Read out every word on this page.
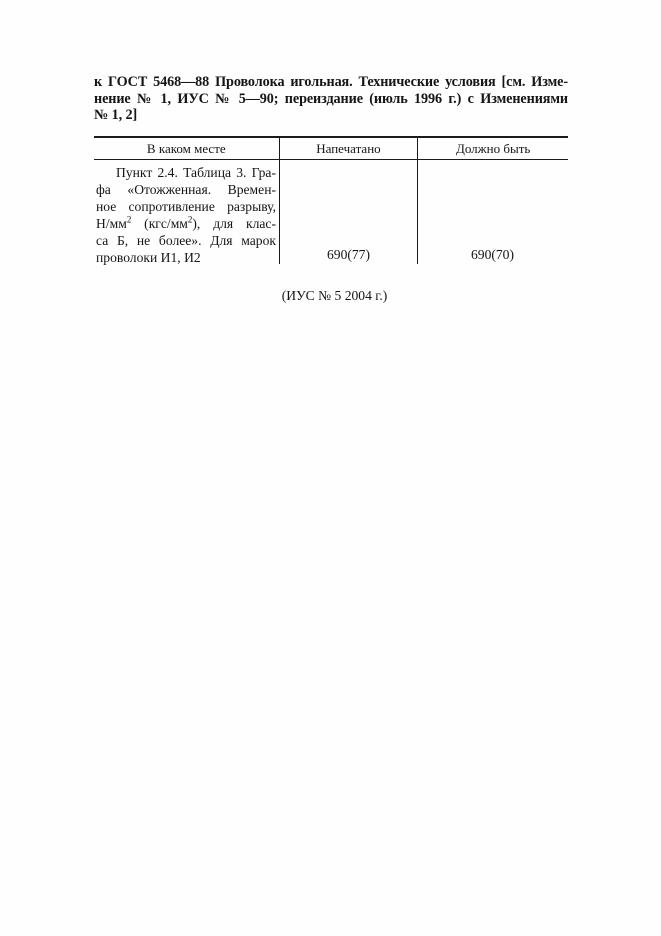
к ГОСТ 5468—88 Проволока игольная. Технические условия [см. Изме-
нение № 1, ИУС № 5—90; переиздание (июль 1996 г.) с Изменениями
№ 1, 2]
В каком месте	Напечатано	Должно быть
Пункт 2.4. Таблица 3. Гра-
фа «Отожженная. Времен-
ное сопротивление разрыву,
$Н/мм^2$ $(кгс/мм^2)$, для клас-
са Б, не более». Для марок
проволоки И1, И2	690(77)	690(70)
(ИУС № 5 2004 г.)
